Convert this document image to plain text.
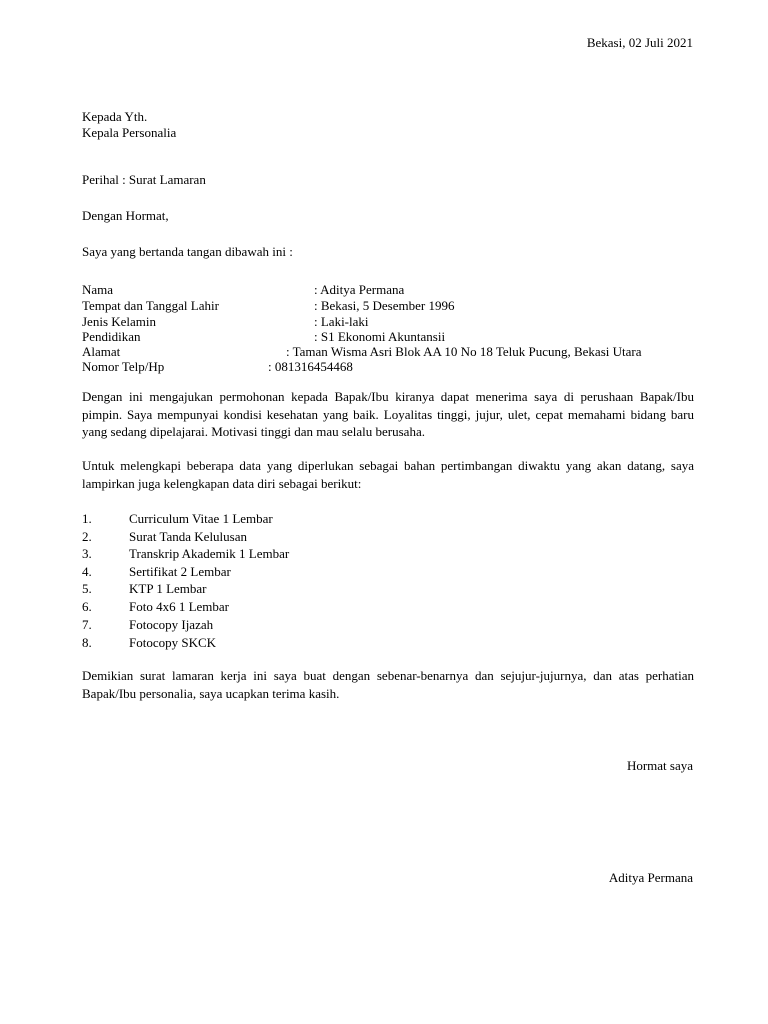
Bekasi, 02 Juli 2021
Kepada Yth.
Kepala Personalia
Perihal : Surat Lamaran
Dengan Hormat,
Saya yang bertanda tangan dibawah ini :
Nama	: Aditya Permana
Tempat dan Tanggal Lahir	: Bekasi, 5 Desember 1996
Jenis Kelamin	: Laki-laki
Pendidikan	: S1 Ekonomi Akuntansii
Alamat	: Taman Wisma Asri Blok AA 10 No 18 Teluk Pucung, Bekasi Utara
Nomor Telp/Hp	: 081316454468
Dengan ini mengajukan permohonan kepada Bapak/Ibu kiranya dapat menerima saya di perushaan Bapak/Ibu pimpin. Saya mempunyai kondisi kesehatan yang baik. Loyalitas tinggi, jujur, ulet, cepat memahami bidang baru yang sedang dipelajarai. Motivasi tinggi dan mau selalu berusaha.
Untuk melengkapi beberapa data yang diperlukan sebagai bahan pertimbangan diwaktu yang akan datang, saya lampirkan juga kelengkapan data diri sebagai berikut:
1.	Curriculum Vitae 1 Lembar
2.	Surat Tanda Kelulusan
3.	Transkrip Akademik 1 Lembar
4.	Sertifikat 2 Lembar
5.	KTP 1 Lembar
6.	Foto 4x6 1 Lembar
7.	Fotocopy Ijazah
8.	Fotocopy SKCK
Demikian surat lamaran kerja ini saya buat dengan sebenar-benarnya dan sejujur-jujurnya, dan atas perhatian Bapak/Ibu personalia, saya ucapkan terima kasih.
Hormat saya
Aditya Permana
